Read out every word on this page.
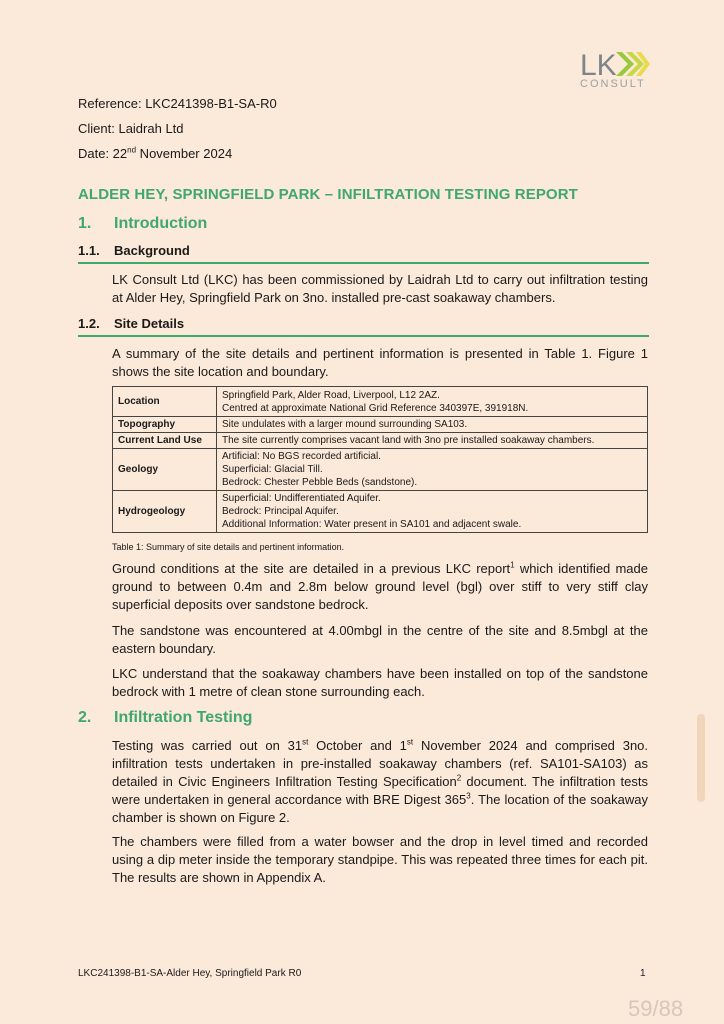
LK
CONSULT
Reference: LKC241398-B1-SA-R0
Client: Laidrah Ltd
Date: 22nd November 2024
ALDER HEY, SPRINGFIELD PARK – INFILTRATION TESTING REPORT
1. Introduction
1.1. Background
LK Consult Ltd (LKC) has been commissioned by Laidrah Ltd to carry out infiltration testing at Alder Hey, Springfield Park on 3no. installed pre-cast soakaway chambers.
1.2. Site Details
A summary of the site details and pertinent information is presented in Table 1. Figure 1 shows the site location and boundary.
Location	Springfield Park, Alder Road, Liverpool, L12 2AZ.
Centred at approximate National Grid Reference 340397E, 391918N.

Topography	Site undulates with a larger mound surrounding SA103.
Current Land Use	The site currently comprises vacant land with 3no pre installed soakaway chambers.
Geology	Artificial: No BGS recorded artificial.
Superficial: Glacial Till.
Bedrock: Chester Pebble Beds (sandstone).

Hydrogeology	Superficial: Undifferentiated Aquifer.
Bedrock: Principal Aquifer.
Additional Information: Water present in SA101 and adjacent swale.
Table 1: Summary of site details and pertinent information.
Ground conditions at the site are detailed in a previous LKC report$^1$ which identified made ground to between 0.4m and 2.8m below ground level (bgl) over stiff to very stiff clay superficial deposits over sandstone bedrock.
The sandstone was encountered at 4.00mbgl in the centre of the site and 8.5mbgl at the eastern boundary.
LKC understand that the soakaway chambers have been installed on top of the sandstone bedrock with 1 metre of clean stone surrounding each.
2. Infiltration Testing
Testing was carried out on 31st October and 1st November 2024 and comprised 3no. infiltration tests undertaken in pre-installed soakaway chambers (ref. SA101-SA103) as detailed in Civic Engineers Infiltration Testing Specification$^2$ document. The infiltration tests were undertaken in general accordance with BRE Digest $365^3$. The location of the soakaway chamber is shown on Figure 2.
The chambers were filled from a water bowser and the drop in level timed and recorded using a dip meter inside the temporary standpipe. This was repeated three times for each pit. The results are shown in Appendix A.
LKC241398-B1-SA-Alder Hey, Springfield Park R0	1
59/88
